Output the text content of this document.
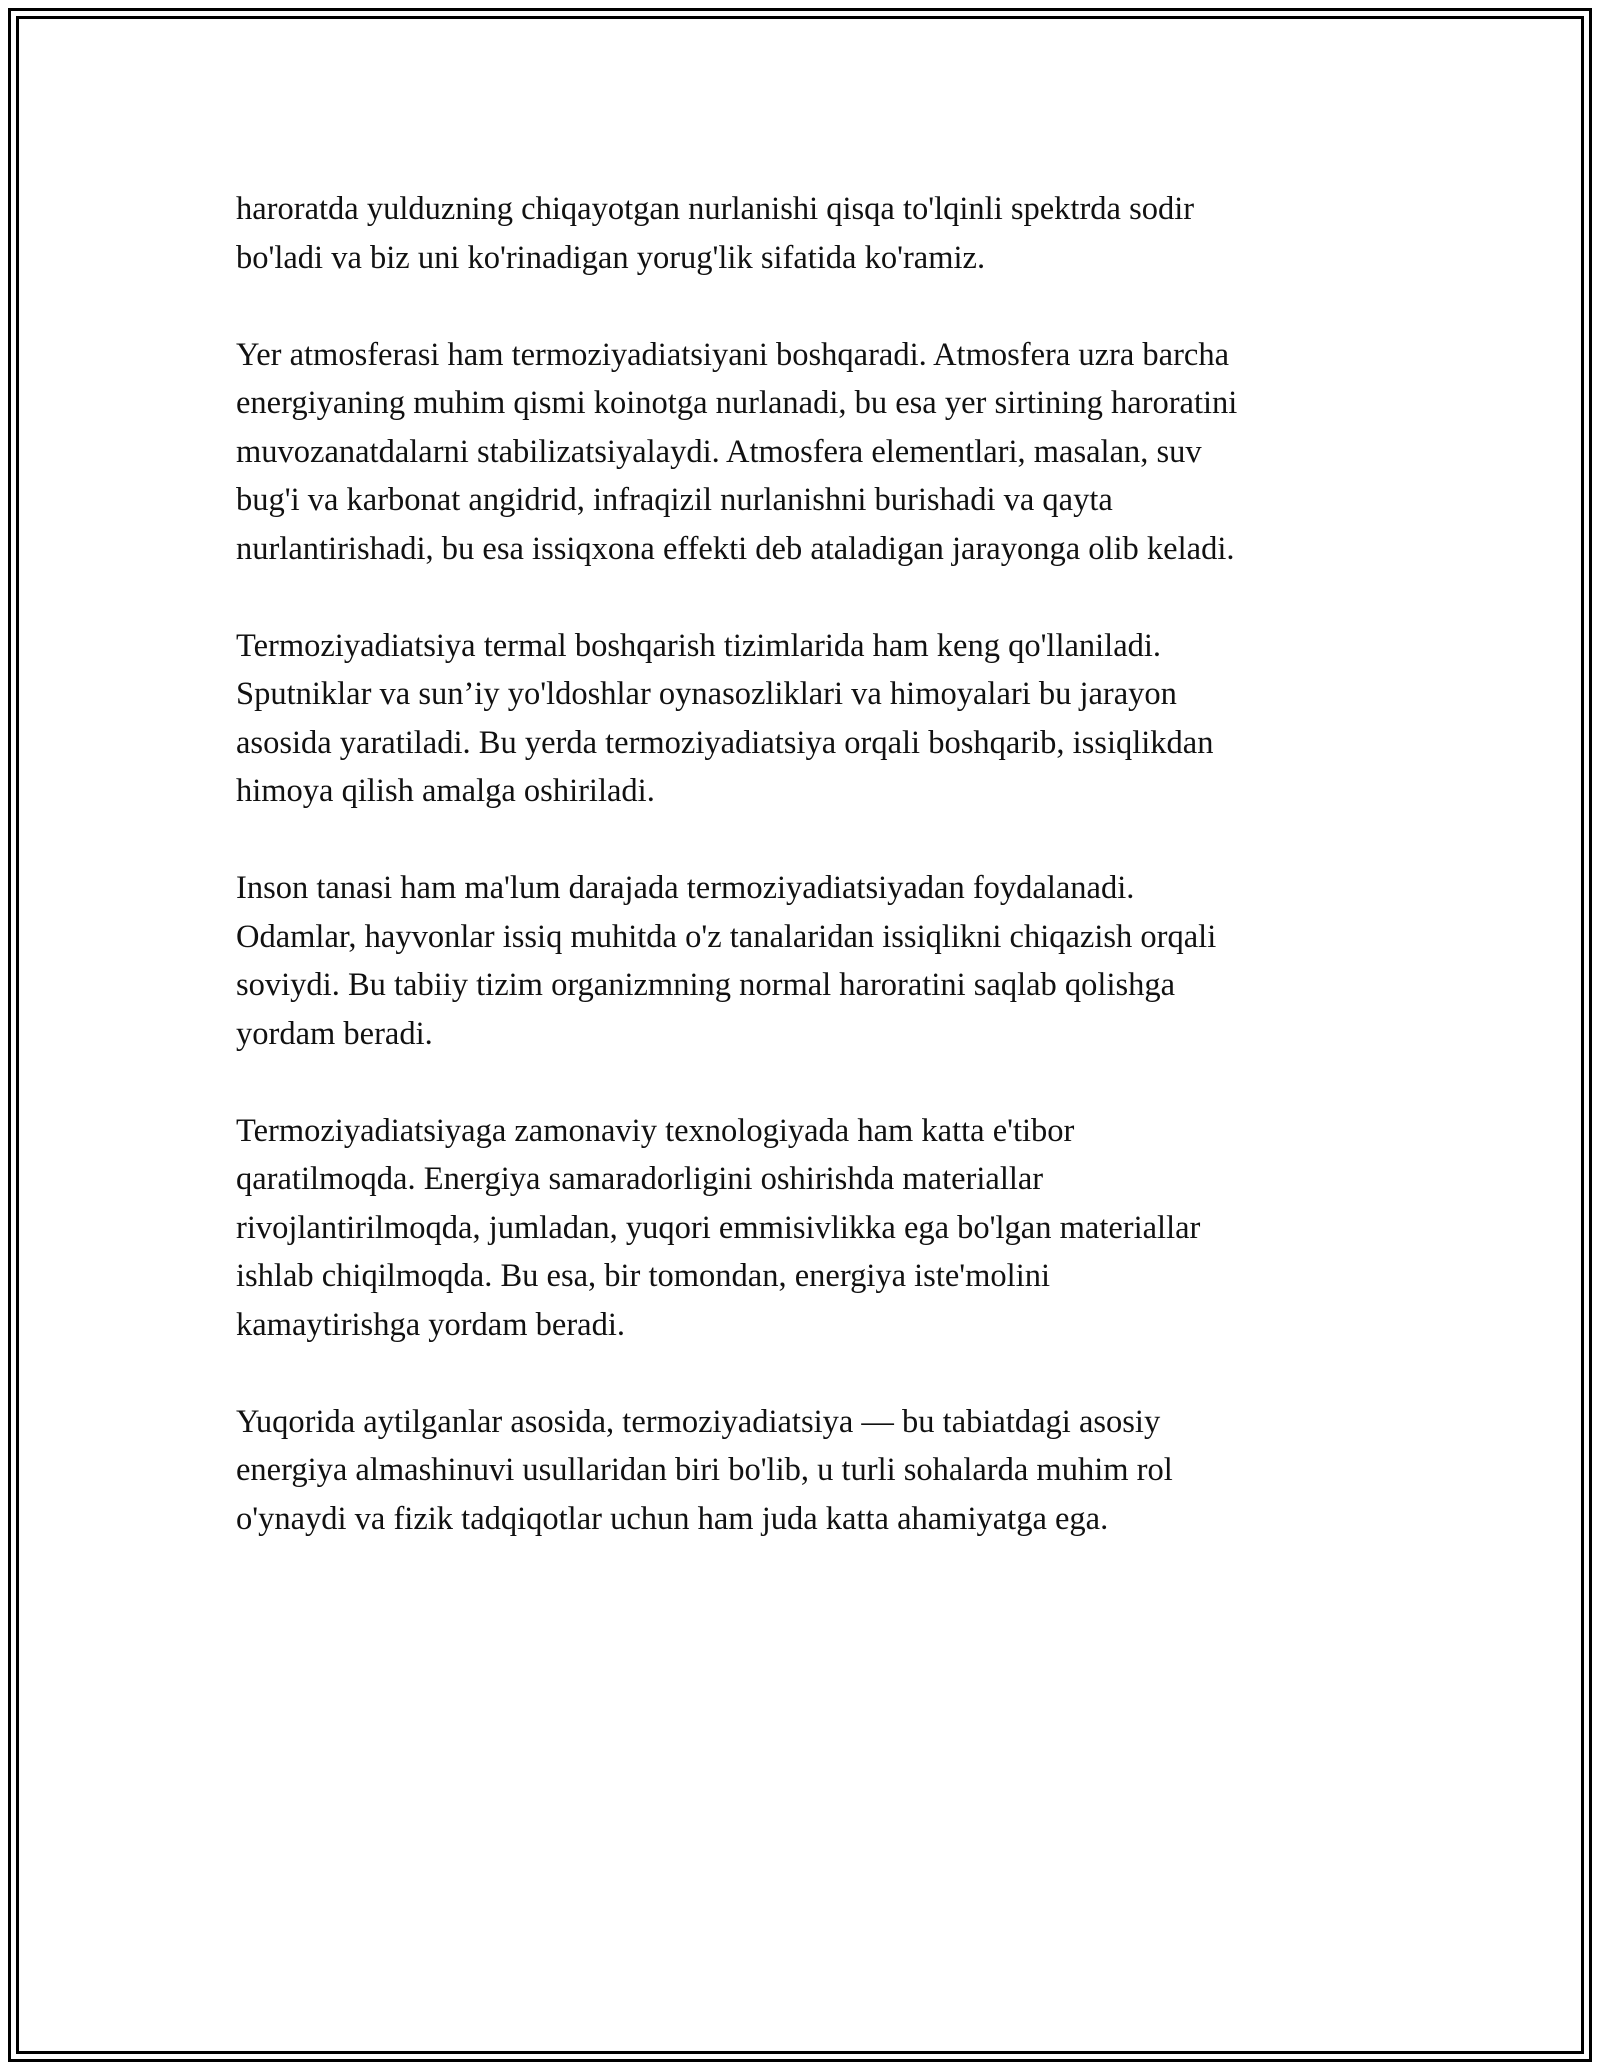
haroratda yulduzning chiqayotgan nurlanishi qisqa to'lqinli spektrda sodir
bo'ladi va biz uni ko'rinadigan yorug'lik sifatida ko'ramiz.

Yer atmosferasi ham termoziyadiatsiyani boshqaradi. Atmosfera uzra barcha
energiyaning muhim qismi koinotga nurlanadi, bu esa yer sirtining haroratini
muvozanatdalarni stabilizatsiyalaydi. Atmosfera elementlari, masalan, suv
bug'i va karbonat angidrid, infraqizil nurlanishni burishadi va qayta
nurlantirishadi, bu esa issiqxona effekti deb ataladigan jarayonga olib keladi.

Termoziyadiatsiya termal boshqarish tizimlarida ham keng qo'llaniladi.
Sputniklar va sun’iy yo'ldoshlar oynasozliklari va himoyalari bu jarayon
asosida yaratiladi. Bu yerda termoziyadiatsiya orqali boshqarib, issiqlikdan
himoya qilish amalga oshiriladi.

Inson tanasi ham ma'lum darajada termoziyadiatsiyadan foydalanadi.
Odamlar, hayvonlar issiq muhitda o'z tanalaridan issiqlikni chiqazish orqali
soviydi. Bu tabiiy tizim organizmning normal haroratini saqlab qolishga
yordam beradi.

Termoziyadiatsiyaga zamonaviy texnologiyada ham katta e'tibor
qaratilmoqda. Energiya samaradorligini oshirishda materiallar
rivojlantirilmoqda, jumladan, yuqori emmisivlikka ega bo'lgan materiallar
ishlab chiqilmoqda. Bu esa, bir tomondan, energiya iste'molini
kamaytirishga yordam beradi.

Yuqorida aytilganlar asosida, termoziyadiatsiya — bu tabiatdagi asosiy
energiya almashinuvi usullaridan biri bo'lib, u turli sohalarda muhim rol
o'ynaydi va fizik tadqiqotlar uchun ham juda katta ahamiyatga ega.
